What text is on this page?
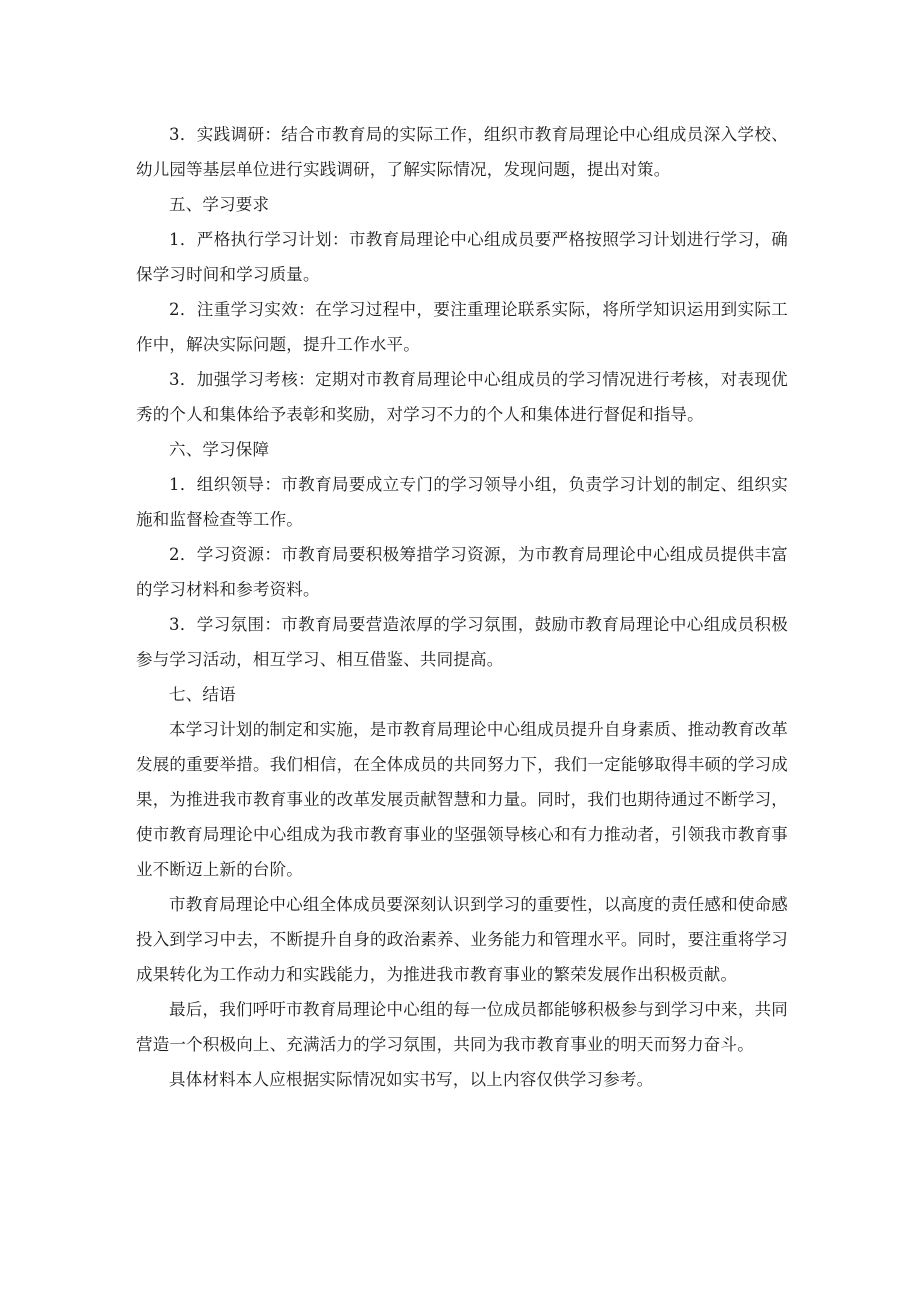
3．实践调研：结合市教育局的实际工作，组织市教育局理论中心组成员深入学校、幼儿园等基层单位进行实践调研，了解实际情况，发现问题，提出对策。

五、学习要求

1．严格执行学习计划：市教育局理论中心组成员要严格按照学习计划进行学习，确保学习时间和学习质量。

2．注重学习实效：在学习过程中，要注重理论联系实际，将所学知识运用到实际工作中，解决实际问题，提升工作水平。

3．加强学习考核：定期对市教育局理论中心组成员的学习情况进行考核，对表现优秀的个人和集体给予表彰和奖励，对学习不力的个人和集体进行督促和指导。

六、学习保障

1．组织领导：市教育局要成立专门的学习领导小组，负责学习计划的制定、组织实施和监督检查等工作。

2．学习资源：市教育局要积极筹措学习资源，为市教育局理论中心组成员提供丰富的学习材料和参考资料。

3．学习氛围：市教育局要营造浓厚的学习氛围，鼓励市教育局理论中心组成员积极参与学习活动，相互学习、相互借鉴、共同提高。

七、结语

本学习计划的制定和实施，是市教育局理论中心组成员提升自身素质、推动教育改革发展的重要举措。我们相信，在全体成员的共同努力下，我们一定能够取得丰硕的学习成果，为推进我市教育事业的改革发展贡献智慧和力量。同时，我们也期待通过不断学习，使市教育局理论中心组成为我市教育事业的坚强领导核心和有力推动者，引领我市教育事业不断迈上新的台阶。

市教育局理论中心组全体成员要深刻认识到学习的重要性，以高度的责任感和使命感投入到学习中去，不断提升自身的政治素养、业务能力和管理水平。同时，要注重将学习成果转化为工作动力和实践能力，为推进我市教育事业的繁荣发展作出积极贡献。

最后，我们呼吁市教育局理论中心组的每一位成员都能够积极参与到学习中来，共同营造一个积极向上、充满活力的学习氛围，共同为我市教育事业的明天而努力奋斗。

具体材料本人应根据实际情况如实书写，以上内容仅供学习参考。
